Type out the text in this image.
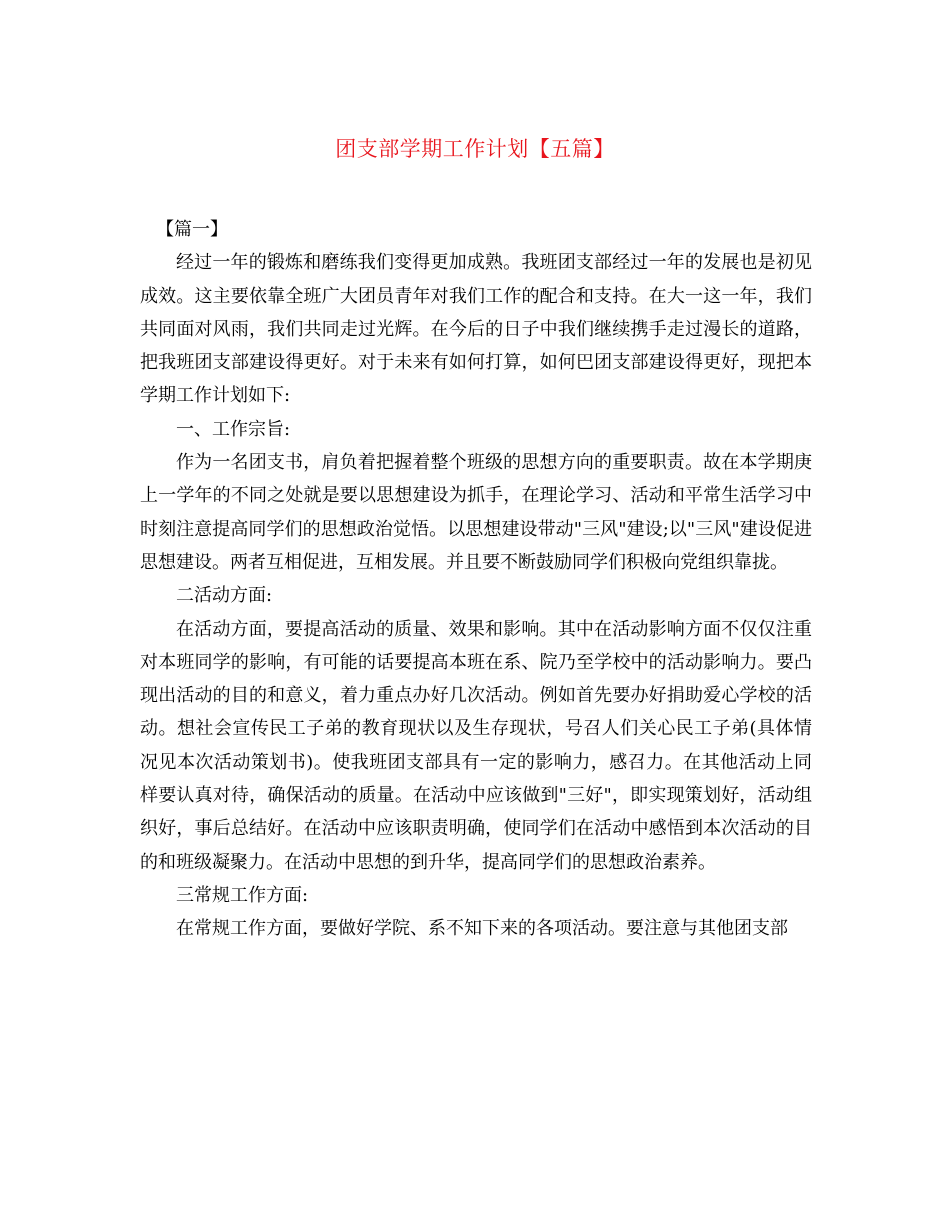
团支部学期工作计划【五篇】

【篇一】

经过一年的锻炼和磨练我们变得更加成熟。我班团支部经过一年的发展也是初见成效。这主要依靠全班广大团员青年对我们工作的配合和支持。在大一这一年，我们共同面对风雨，我们共同走过光辉。在今后的日子中我们继续携手走过漫长的道路，把我班团支部建设得更好。对于未来有如何打算，如何巴团支部建设得更好，现把本学期工作计划如下:

一、工作宗旨:

作为一名团支书，肩负着把握着整个班级的思想方向的重要职责。故在本学期庚上一学年的不同之处就是要以思想建设为抓手，在理论学习、活动和平常生活学习中时刻注意提高同学们的思想政治觉悟。以思想建设带动"三风"建设;以"三风"建设促进思想建设。两者互相促进，互相发展。并且要不断鼓励同学们积极向党组织靠拢。

二活动方面:

在活动方面，要提高活动的质量、效果和影响。其中在活动影响方面不仅仅注重对本班同学的影响，有可能的话要提高本班在系、院乃至学校中的活动影响力。要凸现出活动的目的和意义，着力重点办好几次活动。例如首先要办好捐助爱心学校的活动。想社会宣传民工子弟的教育现状以及生存现状，号召人们关心民工子弟(具体情况见本次活动策划书)。使我班团支部具有一定的影响力，感召力。在其他活动上同样要认真对待，确保活动的质量。在活动中应该做到"三好"，即实现策划好，活动组织好，事后总结好。在活动中应该职责明确，使同学们在活动中感悟到本次活动的目的和班级凝聚力。在活动中思想的到升华，提高同学们的思想政治素养。

三常规工作方面:

在常规工作方面，要做好学院、系不知下来的各项活动。要注意与其他团支部
